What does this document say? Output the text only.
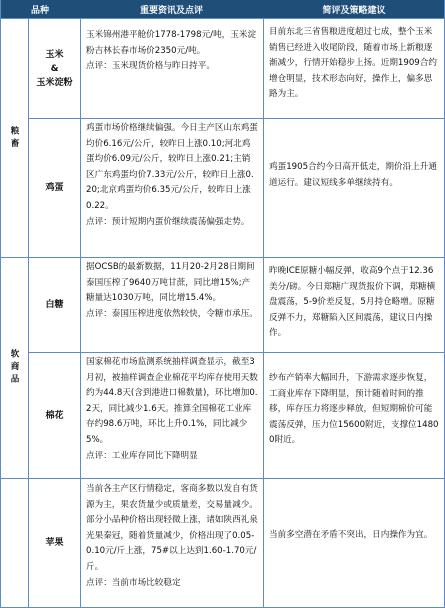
品种	重要资讯及点评	简评及策略建议
粮畜
软商品
玉米
&
玉米淀粉

玉米锦州港平舱价1778-1798元/吨，玉米淀粉吉林长春市场价2350元/吨。

点评：玉米现货价格与昨日持平。

目前东北三省售粮进度超过七成，整个玉米销售已经进入收尾阶段，随着市场上新粮逐渐减少，行情开始稳步上扬。近期1909合约增仓明显，技术形态向好，操作上，偏多思路为主。
鸡蛋

鸡蛋市场价格继续偏强。今日主产区山东鸡蛋均价6.16元/公斤，较昨日上涨0.10;河北鸡蛋均价6.09元/公斤，较昨日上涨0.21;主销区广东鸡蛋均价7.33元/公斤，较昨日上涨0.20;北京鸡蛋均价6.35元/公斤，较昨日上涨0.22。

点评：预计短期内蛋价继续震荡偏强走势。

鸡蛋1905合约今日高开低走，期价沿上升通道运行。建议短线多单继续持有。
白糖

据OCSB的最新数据，11月20-2月28日期间泰国压榨了9640万吨甘蔗，同比增15%;产糖量达1030万吨，同比增15.4%。

点评：泰国压榨进度依然较快，令糖市承压。

昨晚ICE原糖小幅反弹，收高9个点于12.36美分/磅。今日郑糖广现货报价下调，郑糖横盘震荡，5-9价差反复，5月持仓略增。原糖反弹不力，郑糖陷入区间震荡，建议日内操作。
棉花

国家棉花市场监测系统抽样调查显示，截至3月初，被抽样调查企业棉花平均库存使用天数约为44.8天(含到港进口棉数量)，环比增加0.2天，同比减少1.6天。推算全国棉花工业库存约98.6万吨，环比上升0.1%，同比减少5%。

点评：工业库存同比下降明显

纱布产销率大幅回升，下游需求逐步恢复，工商业库存下降明显，预计随着时间的推移，库存压力将逐步释放，但短期棉价可能震荡反弹，压力位15600附近，支撑位14800附近。
苹果

当前各主产区行情稳定，客商多数以发自有货源为主，果农货量少或质量差，交易量减少。部分小品种价格出现轻微上涨，诸如陕西礼泉光果秦冠，随着货量减少，价格出现了0.05-0.10元/斤上涨，75#以上达到1.60-1.70元/斤。

点评：当前市场比较稳定

当前多空潜在矛盾不突出，日内操作为宜。
